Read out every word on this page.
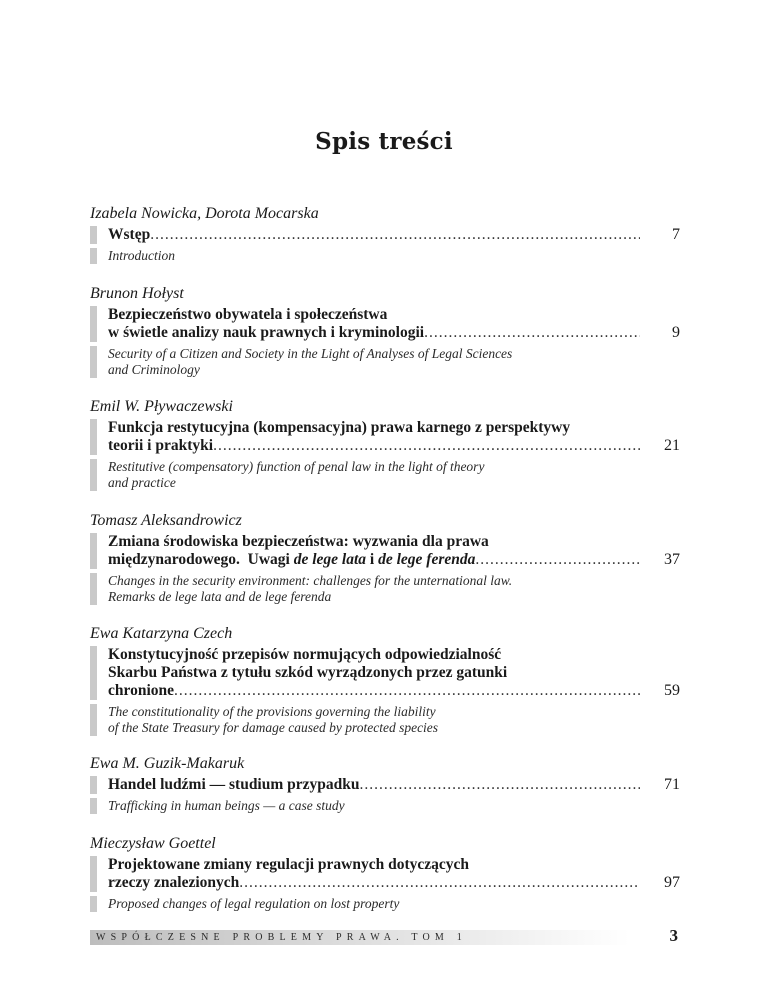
Spis treści
Izabela Nowicka, Dorota Mocarska
Wstęp .....	7
Introduction
Brunon Hołyst
Bezpieczeństwo obywatela i społeczeństwa
w świetle analizy nauk prawnych i kryminologii .....	9
Security of a Citizen and Society in the Light of Analyses of Legal Sciences
and Criminology
Emil W. Pływaczewski
Funkcja restytucyjna (kompensacyjna) prawa karnego z perspektywy
teorii i praktyki .....	21
Restitutive (compensatory) function of penal law in the light of theory
and practice
Tomasz Aleksandrowicz
Zmiana środowiska bezpieczeństwa: wyzwania dla prawa
międzynarodowego.  Uwagi de lege lata i de lege ferenda .....	37
Changes in the security environment: challenges for the unternational law.
Remarks de lege lata and de lege ferenda
Ewa Katarzyna Czech
Konstytucyjność przepisów normujących odpowiedzialność
Skarbu Państwa z tytułu szkód wyrządzonych przez gatunki
chronione .....	59
The constitutionality of the provisions governing the liability
of the State Treasury for damage caused by protected species
Ewa M. Guzik-Makaruk
Handel ludźmi — studium przypadku .....	71
Trafficking in human beings — a case study
Mieczysław Goettel
Projektowane zmiany regulacji prawnych dotyczących
rzeczy znalezionych .....	97
Proposed changes of legal regulation on lost property
WSPÓŁCZESNE PROBLEMY PRAWA. TOM 1	3
